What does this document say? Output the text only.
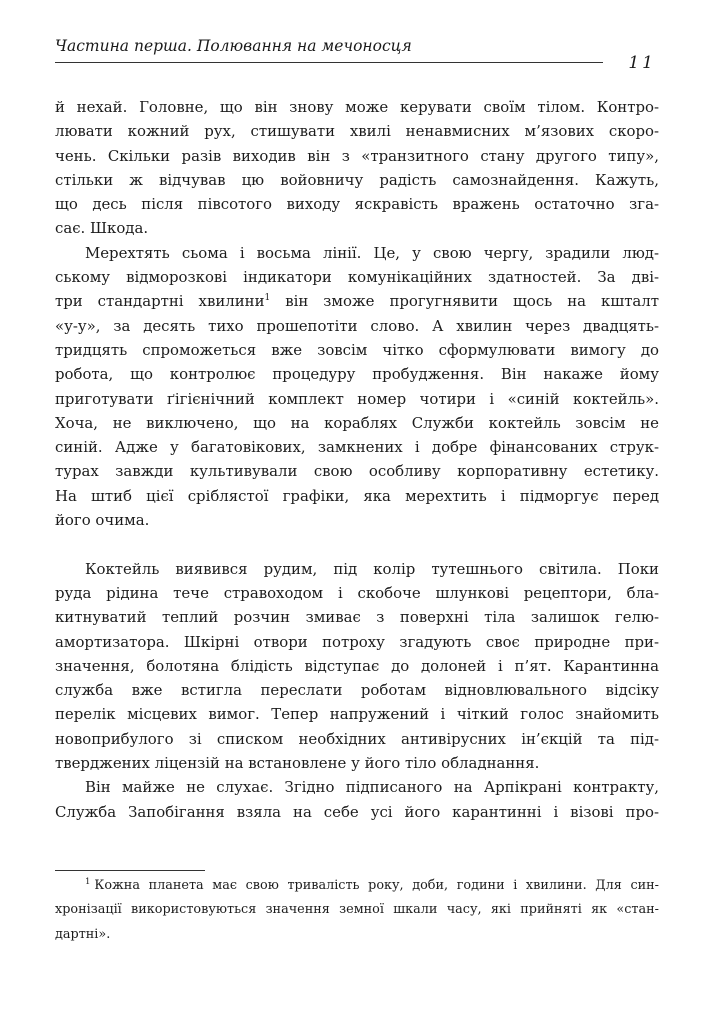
Частина перша. Полювання на мечоносця
11
й нехай. Головне, що він знову може керувати своїм тілом. Контро-
лювати кожний рух, стишувати хвилі ненавмисних м’язових скоро-
чень. Скільки разів виходив він з «транзитного стану другого типу»,
стільки ж відчував цю войовничу радість самознайдення. Кажуть,
що десь після півсотого виходу яскравість вражень остаточно зга-
сає. Шкода.
Мерехтять сьома і восьма лінії. Це, у свою чергу, зрадили люд-
ському відморозкові індикатори комунікаційних здатностей. За дві-
три стандартні хвилини$^1$ він зможе прогугнявити щось на кшталт
«у-у», за десять тихо прошепотіти слово. А хвилин через двадцять-
тридцять спроможеться вже зовсім чітко сформулювати вимогу до
робота, що контролює процедуру пробудження. Він накаже йому
приготувати ґігієнічний комплект номер чотири і «синій коктейль».
Хоча, не виключено, що на кораблях Служби коктейль зовсім не
синій. Адже у багатовікових, замкнених і добре фінансованих струк-
турах завжди культивували свою особливу корпоративну естетику.
На штиб цієї сріблястої графіки, яка мерехтить і підморгує перед
його очима.
Коктейль виявився рудим, під колір тутешнього світила. Поки
руда рідина тече стравоходом і скобоче шлункові рецептори, бла-
китнуватий теплий розчин змиває з поверхні тіла залишок гелю-
амортизатора. Шкірні отвори потроху згадують своє природне при-
значення, болотяна блідість відступає до долоней і п’ят. Карантинна
служба вже встигла переслати роботам відновлювального відсіку
перелік місцевих вимог. Тепер напружений і чіткий голос знайомить
новоприбулого зі списком необхідних антивірусних ін’єкцій та під-
тверджених ліцензій на встановлене у його тіло обладнання.
Він майже не слухає. Згідно підписаного на Арпікрані контракту,
Служба Запобігання взяла на себе усі його карантинні і візові про-
$^1$ Кожна планета має свою тривалість року, доби, години і хвилини. Для син-
хронізації використовуються значення земної шкали часу, які прийняті як «стан-
дартні».
